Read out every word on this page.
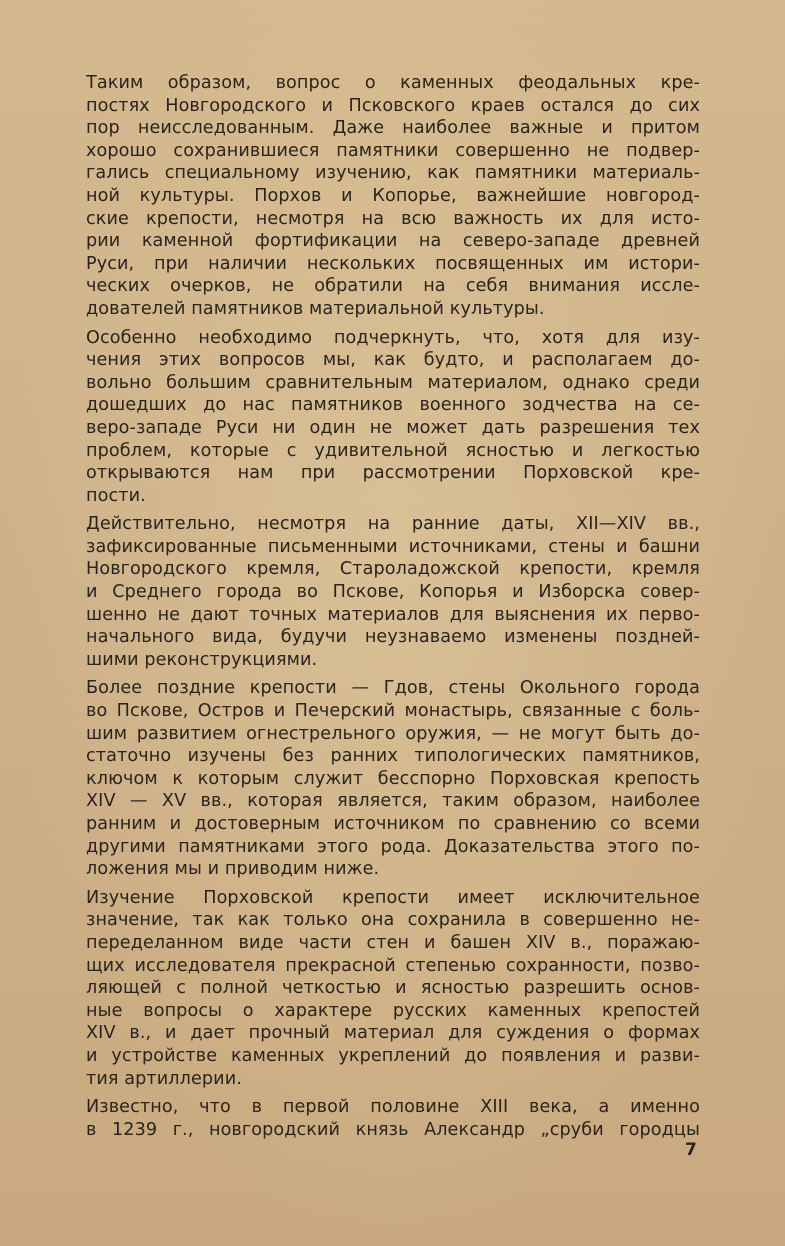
Таким образом, вопрос о каменных феодальных кре-
постях Новгородского и Псковского краев остался до сих
пор неисследованным. Даже наиболее важные и притом
хорошо сохранившиеся памятники совершенно не подвер-
гались специальному изучению, как памятники материаль-
ной культуры. Порхов и Копорье, важнейшие новгород-
ские крепости, несмотря на всю важность их для исто-
рии каменной фортификации на северо-западе древней
Руси, при наличии нескольких посвященных им истори-
ческих очерков, не обратили на себя внимания иссле-
дователей памятников материальной культуры.

Особенно необходимо подчеркнуть, что, хотя для изу-
чения этих вопросов мы, как будто, и располагаем до-
вольно большим сравнительным материалом, однако среди
дошедших до нас памятников военного зодчества на се-
веро-западе Руси ни один не может дать разрешения тех
проблем, которые с удивительной ясностью и легкостью
открываются нам при рассмотрении Порховской кре-
пости.

Действительно, несмотря на ранние даты, XII—XIV вв.,
зафиксированные письменными источниками, стены и башни
Новгородского кремля, Староладожской крепости, кремля
и Среднего города во Пскове, Копорья и Изборска совер-
шенно не дают точных материалов для выяснения их перво-
начального вида, будучи неузнаваемо изменены поздней-
шими реконструкциями.

Более поздние крепости — Гдов, стены Окольного города
во Пскове, Остров и Печерский монастырь, связанные с боль-
шим развитием огнестрельного оружия, — не могут быть до-
статочно изучены без ранних типологических памятников,
ключом к которым служит бесспорно Порховская крепость
XIV — XV вв., которая является, таким образом, наиболее
ранним и достоверным источником по сравнению со всеми
другими памятниками этого рода. Доказательства этого по-
ложения мы и приводим ниже.

Изучение Порховской крепости имеет исключительное
значение, так как только она сохранила в совершенно не-
переделанном виде части стен и башен XIV в., поражаю-
щих исследователя прекрасной степенью сохранности, позво-
ляющей с полной четкостью и ясностью разрешить основ-
ные вопросы о характере русских каменных крепостей
XIV в., и дает прочный материал для суждения о формах
и устройстве каменных укреплений до появления и разви-
тия артиллерии.

Известно, что в первой половине XIII века, а именно
в 1239 г., новгородский князь Александр „сруби городцы

7
